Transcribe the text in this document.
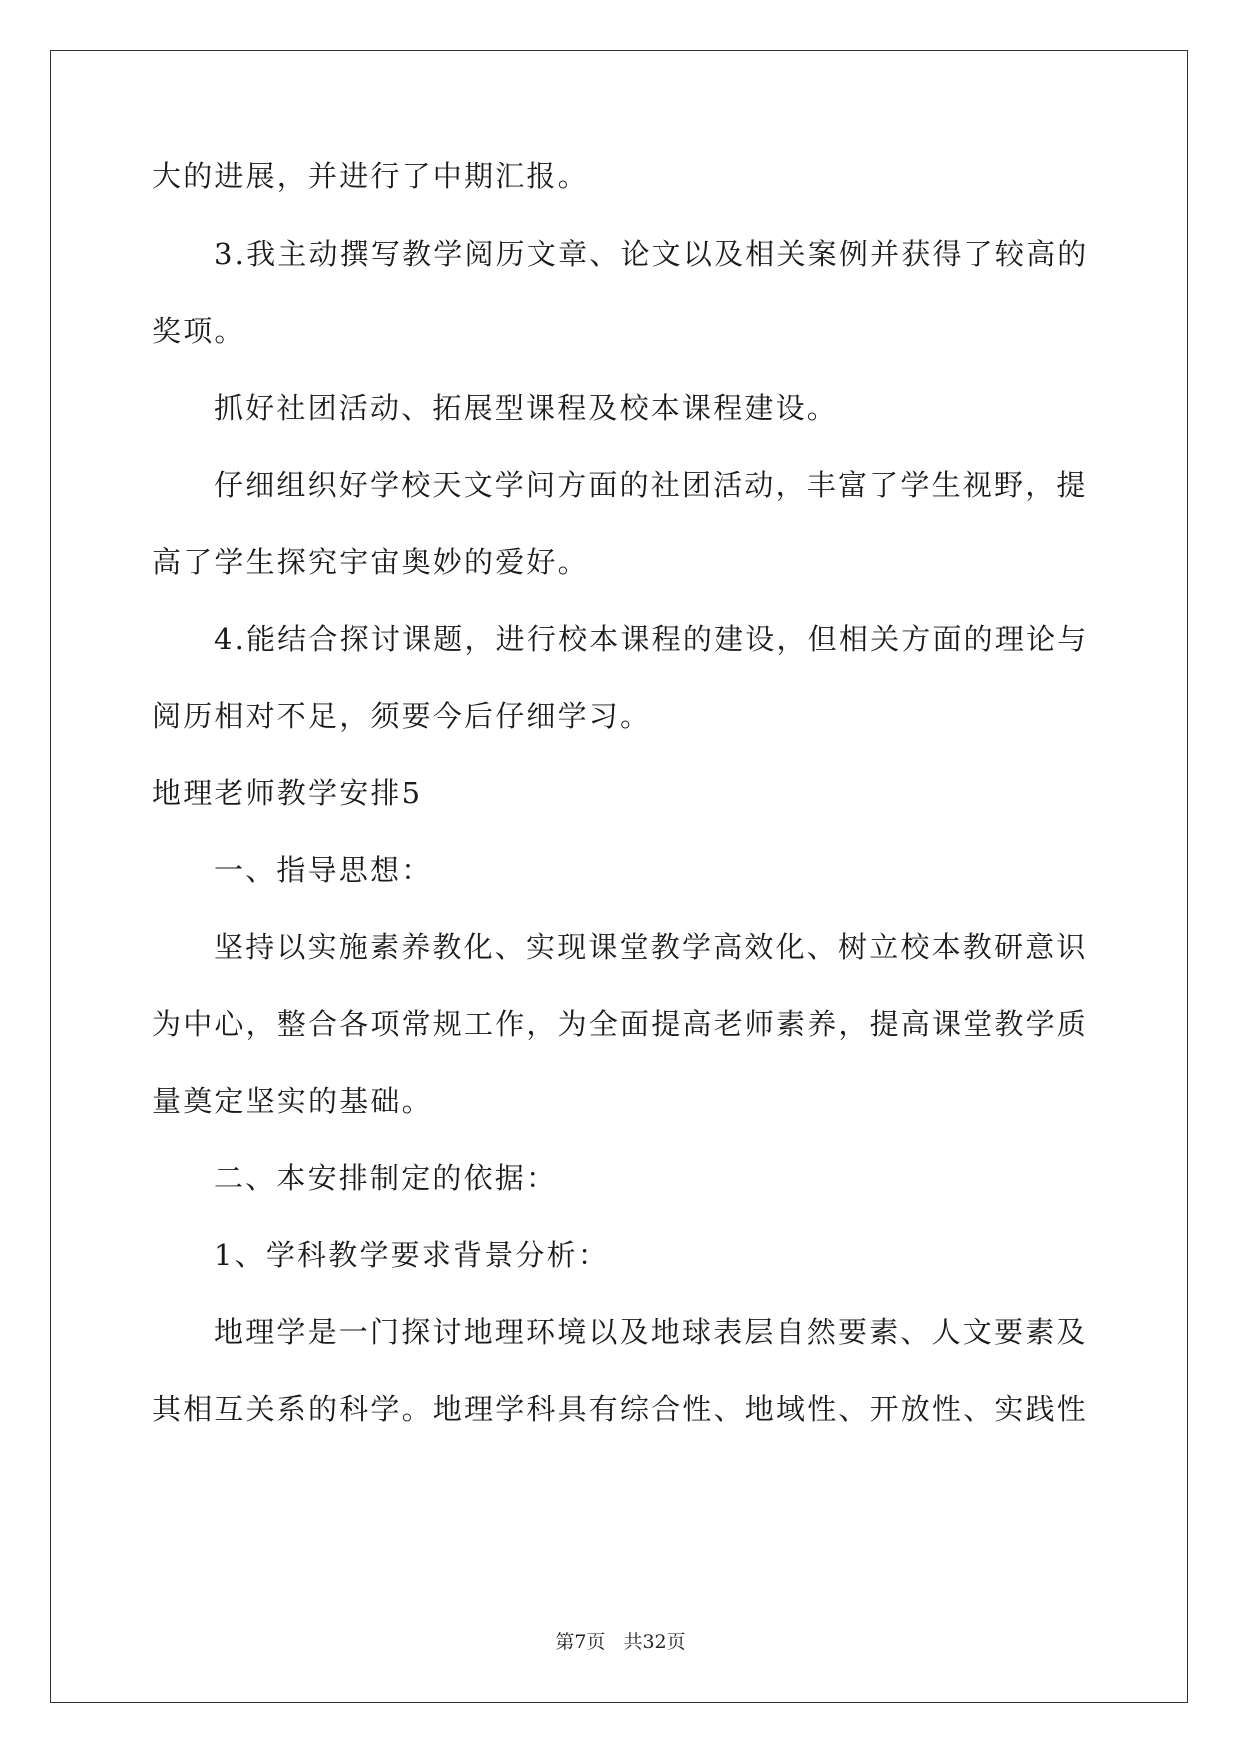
大的进展，并进行了中期汇报。
3.我主动撰写教学阅历文章、论文以及相关案例并获得了较高的
奖项。
抓好社团活动、拓展型课程及校本课程建设。
仔细组织好学校天文学问方面的社团活动，丰富了学生视野，提
高了学生探究宇宙奥妙的爱好。
4.能结合探讨课题，进行校本课程的建设，但相关方面的理论与
阅历相对不足，须要今后仔细学习。
地理老师教学安排5
一、指导思想：
坚持以实施素养教化、实现课堂教学高效化、树立校本教研意识
为中心，整合各项常规工作，为全面提高老师素养，提高课堂教学质
量奠定坚实的基础。
二、本安排制定的依据：
1、学科教学要求背景分析：
地理学是一门探讨地理环境以及地球表层自然要素、人文要素及
其相互关系的科学。地理学科具有综合性、地域性、开放性、实践性
第7页 共32页
